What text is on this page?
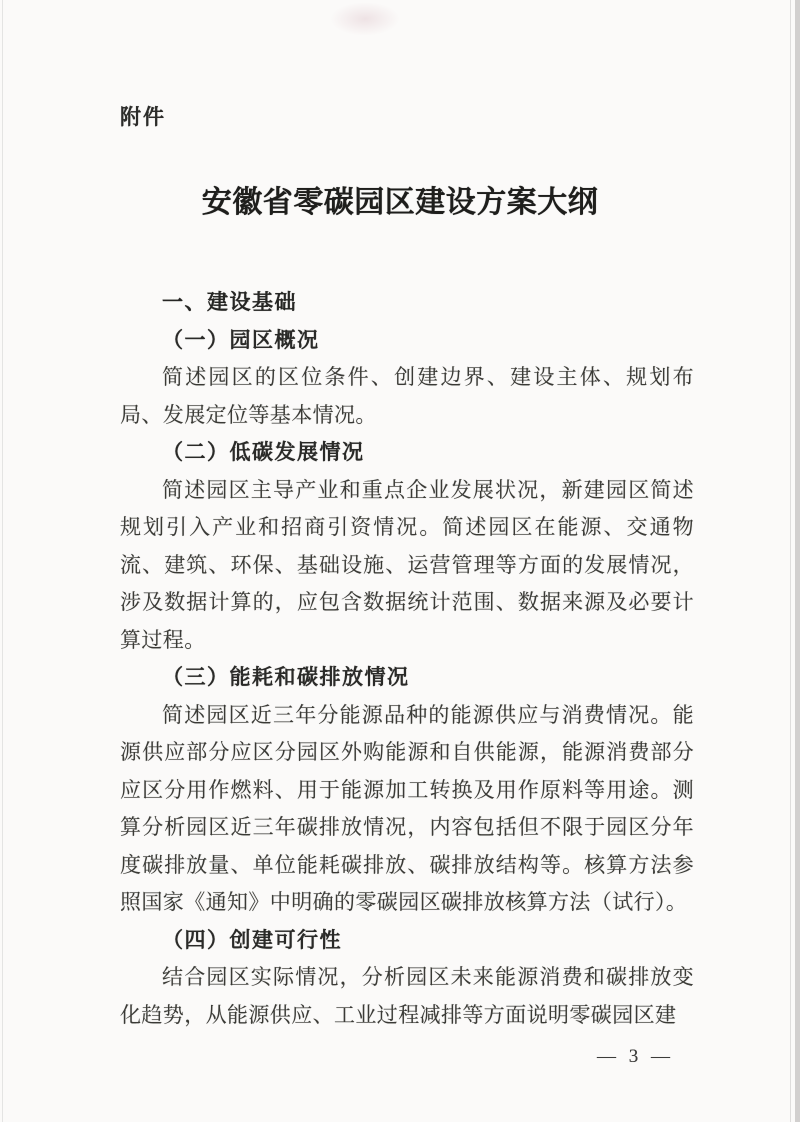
附件
安徽省零碳园区建设方案大纲
一、建设基础
（一）园区概况
简述园区的区位条件、创建边界、建设主体、规划布局、发展定位等基本情况。
（二）低碳发展情况
简述园区主导产业和重点企业发展状况，新建园区简述规划引入产业和招商引资情况。简述园区在能源、交通物流、建筑、环保、基础设施、运营管理等方面的发展情况，涉及数据计算的，应包含数据统计范围、数据来源及必要计算过程。
（三）能耗和碳排放情况
简述园区近三年分能源品种的能源供应与消费情况。能源供应部分应区分园区外购能源和自供能源，能源消费部分应区分用作燃料、用于能源加工转换及用作原料等用途。测算分析园区近三年碳排放情况，内容包括但不限于园区分年度碳排放量、单位能耗碳排放、碳排放结构等。核算方法参照国家《通知》中明确的零碳园区碳排放核算方法（试行）。
（四）创建可行性
结合园区实际情况，分析园区未来能源消费和碳排放变化趋势，从能源供应、工业过程减排等方面说明零碳园区建
— 3 —
